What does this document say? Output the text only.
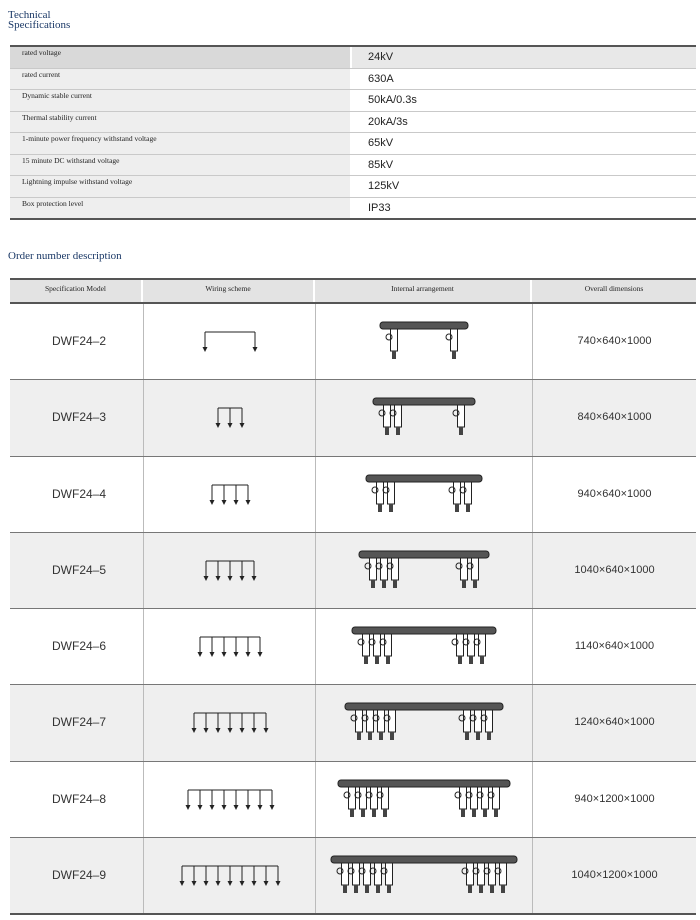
Technical Specifications
rated voltage	24kV
rated current	630A
Dynamic stable current	50kA/0.3s
Thermal stability current	20kA/3s
1-minute power frequency withstand voltage	65kV
15 minute DC withstand voltage	85kV
Lightning impulse withstand voltage	125kV
Box protection level	IP33
Order number description
Specification Model	Wiring scheme	Internal arrangement	Overall dimensions
DWF24–2	740×640×1000
DWF24–3	840×640×1000
DWF24–4	940×640×1000
DWF24–5	1040×640×1000
DWF24–6	1140×640×1000
DWF24–7	1240×640×1000
DWF24–8	940×1200×1000
DWF24–9	1040×1200×1000
